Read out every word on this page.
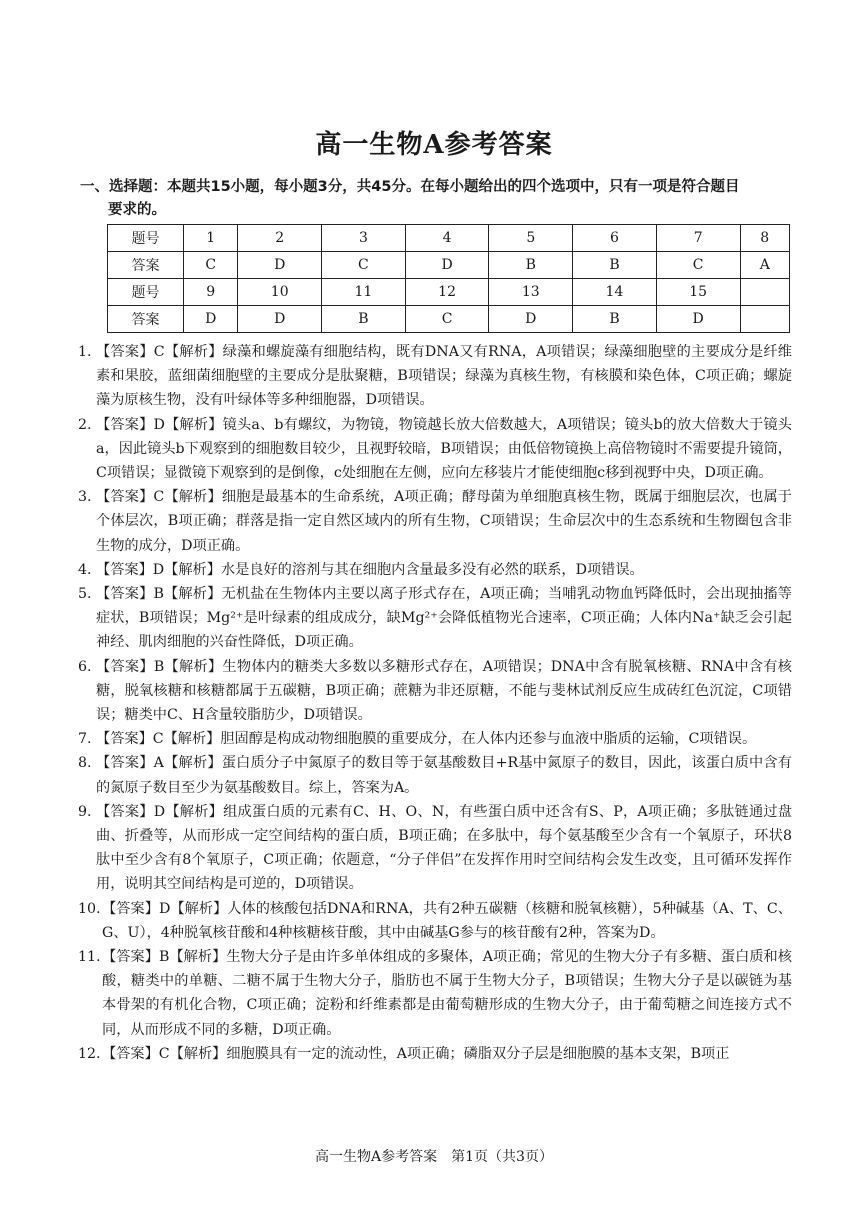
高一生物A参考答案
一、选择题：本题共15小题，每小题3分，共45分。在每小题给出的四个选项中，只有一项是符合题目
要求的。
题号	1	2	3	4	5	6	7	8
答案	C	D	C	D	B	B	C	A
题号	9	10	11	12	13	14	15	
答案	D	D	B	C	D	B	D	
1. 【答案】C【解析】绿藻和螺旋藻有细胞结构，既有DNA又有RNA，A项错误；绿藻细胞壁的主要成分是纤维素和果胶，蓝细菌细胞壁的主要成分是肽聚糖，B项错误；绿藻为真核生物，有核膜和染色体，C项正确；螺旋藻为原核生物，没有叶绿体等多种细胞器，D项错误。
2. 【答案】D【解析】镜头a、b有螺纹，为物镜，物镜越长放大倍数越大，A项错误；镜头b的放大倍数大于镜头a，因此镜头b下观察到的细胞数目较少，且视野较暗，B项错误；由低倍物镜换上高倍物镜时不需要提升镜筒，C项错误；显微镜下观察到的是倒像，c处细胞在左侧，应向左移装片才能使细胞c移到视野中央，D项正确。
3. 【答案】C【解析】细胞是最基本的生命系统，A项正确；酵母菌为单细胞真核生物，既属于细胞层次，也属于个体层次，B项正确；群落是指一定自然区域内的所有生物，C项错误；生命层次中的生态系统和生物圈包含非生物的成分，D项正确。
4. 【答案】D【解析】水是良好的溶剂与其在细胞内含量最多没有必然的联系，D项错误。
5. 【答案】B【解析】无机盐在生物体内主要以离子形式存在，A项正确；当哺乳动物血钙降低时，会出现抽搐等症状，B项错误；Mg²⁺是叶绿素的组成成分，缺Mg²⁺会降低植物光合速率，C项正确；人体内Na⁺缺乏会引起神经、肌肉细胞的兴奋性降低，D项正确。
6. 【答案】B【解析】生物体内的糖类大多数以多糖形式存在，A项错误；DNA中含有脱氧核糖、RNA中含有核糖，脱氧核糖和核糖都属于五碳糖，B项正确；蔗糖为非还原糖，不能与斐林试剂反应生成砖红色沉淀，C项错误；糖类中C、H含量较脂肪少，D项错误。
7. 【答案】C【解析】胆固醇是构成动物细胞膜的重要成分，在人体内还参与血液中脂质的运输，C项错误。
8. 【答案】A【解析】蛋白质分子中氮原子的数目等于氨基酸数目+R基中氮原子的数目，因此，该蛋白质中含有的氮原子数目至少为氨基酸数目。综上，答案为A。
9. 【答案】D【解析】组成蛋白质的元素有C、H、O、N，有些蛋白质中还含有S、P，A项正确；多肽链通过盘曲、折叠等，从而形成一定空间结构的蛋白质，B项正确；在多肽中，每个氨基酸至少含有一个氧原子，环状8肽中至少含有8个氧原子，C项正确；依题意，“分子伴侣”在发挥作用时空间结构会发生改变，且可循环发挥作用，说明其空间结构是可逆的，D项错误。
10. 【答案】D【解析】人体的核酸包括DNA和RNA，共有2种五碳糖（核糖和脱氧核糖），5种碱基（A、T、C、G、U），4种脱氧核苷酸和4种核糖核苷酸，其中由碱基G参与的核苷酸有2种，答案为D。
11. 【答案】B【解析】生物大分子是由许多单体组成的多聚体，A项正确；常见的生物大分子有多糖、蛋白质和核酸，糖类中的单糖、二糖不属于生物大分子，脂肪也不属于生物大分子，B项错误；生物大分子是以碳链为基本骨架的有机化合物，C项正确；淀粉和纤维素都是由葡萄糖形成的生物大分子，由于葡萄糖之间连接方式不同，从而形成不同的多糖，D项正确。
12. 【答案】C【解析】细胞膜具有一定的流动性，A项正确；磷脂双分子层是细胞膜的基本支架，B项正
高一生物A参考答案　第1页（共3页）
